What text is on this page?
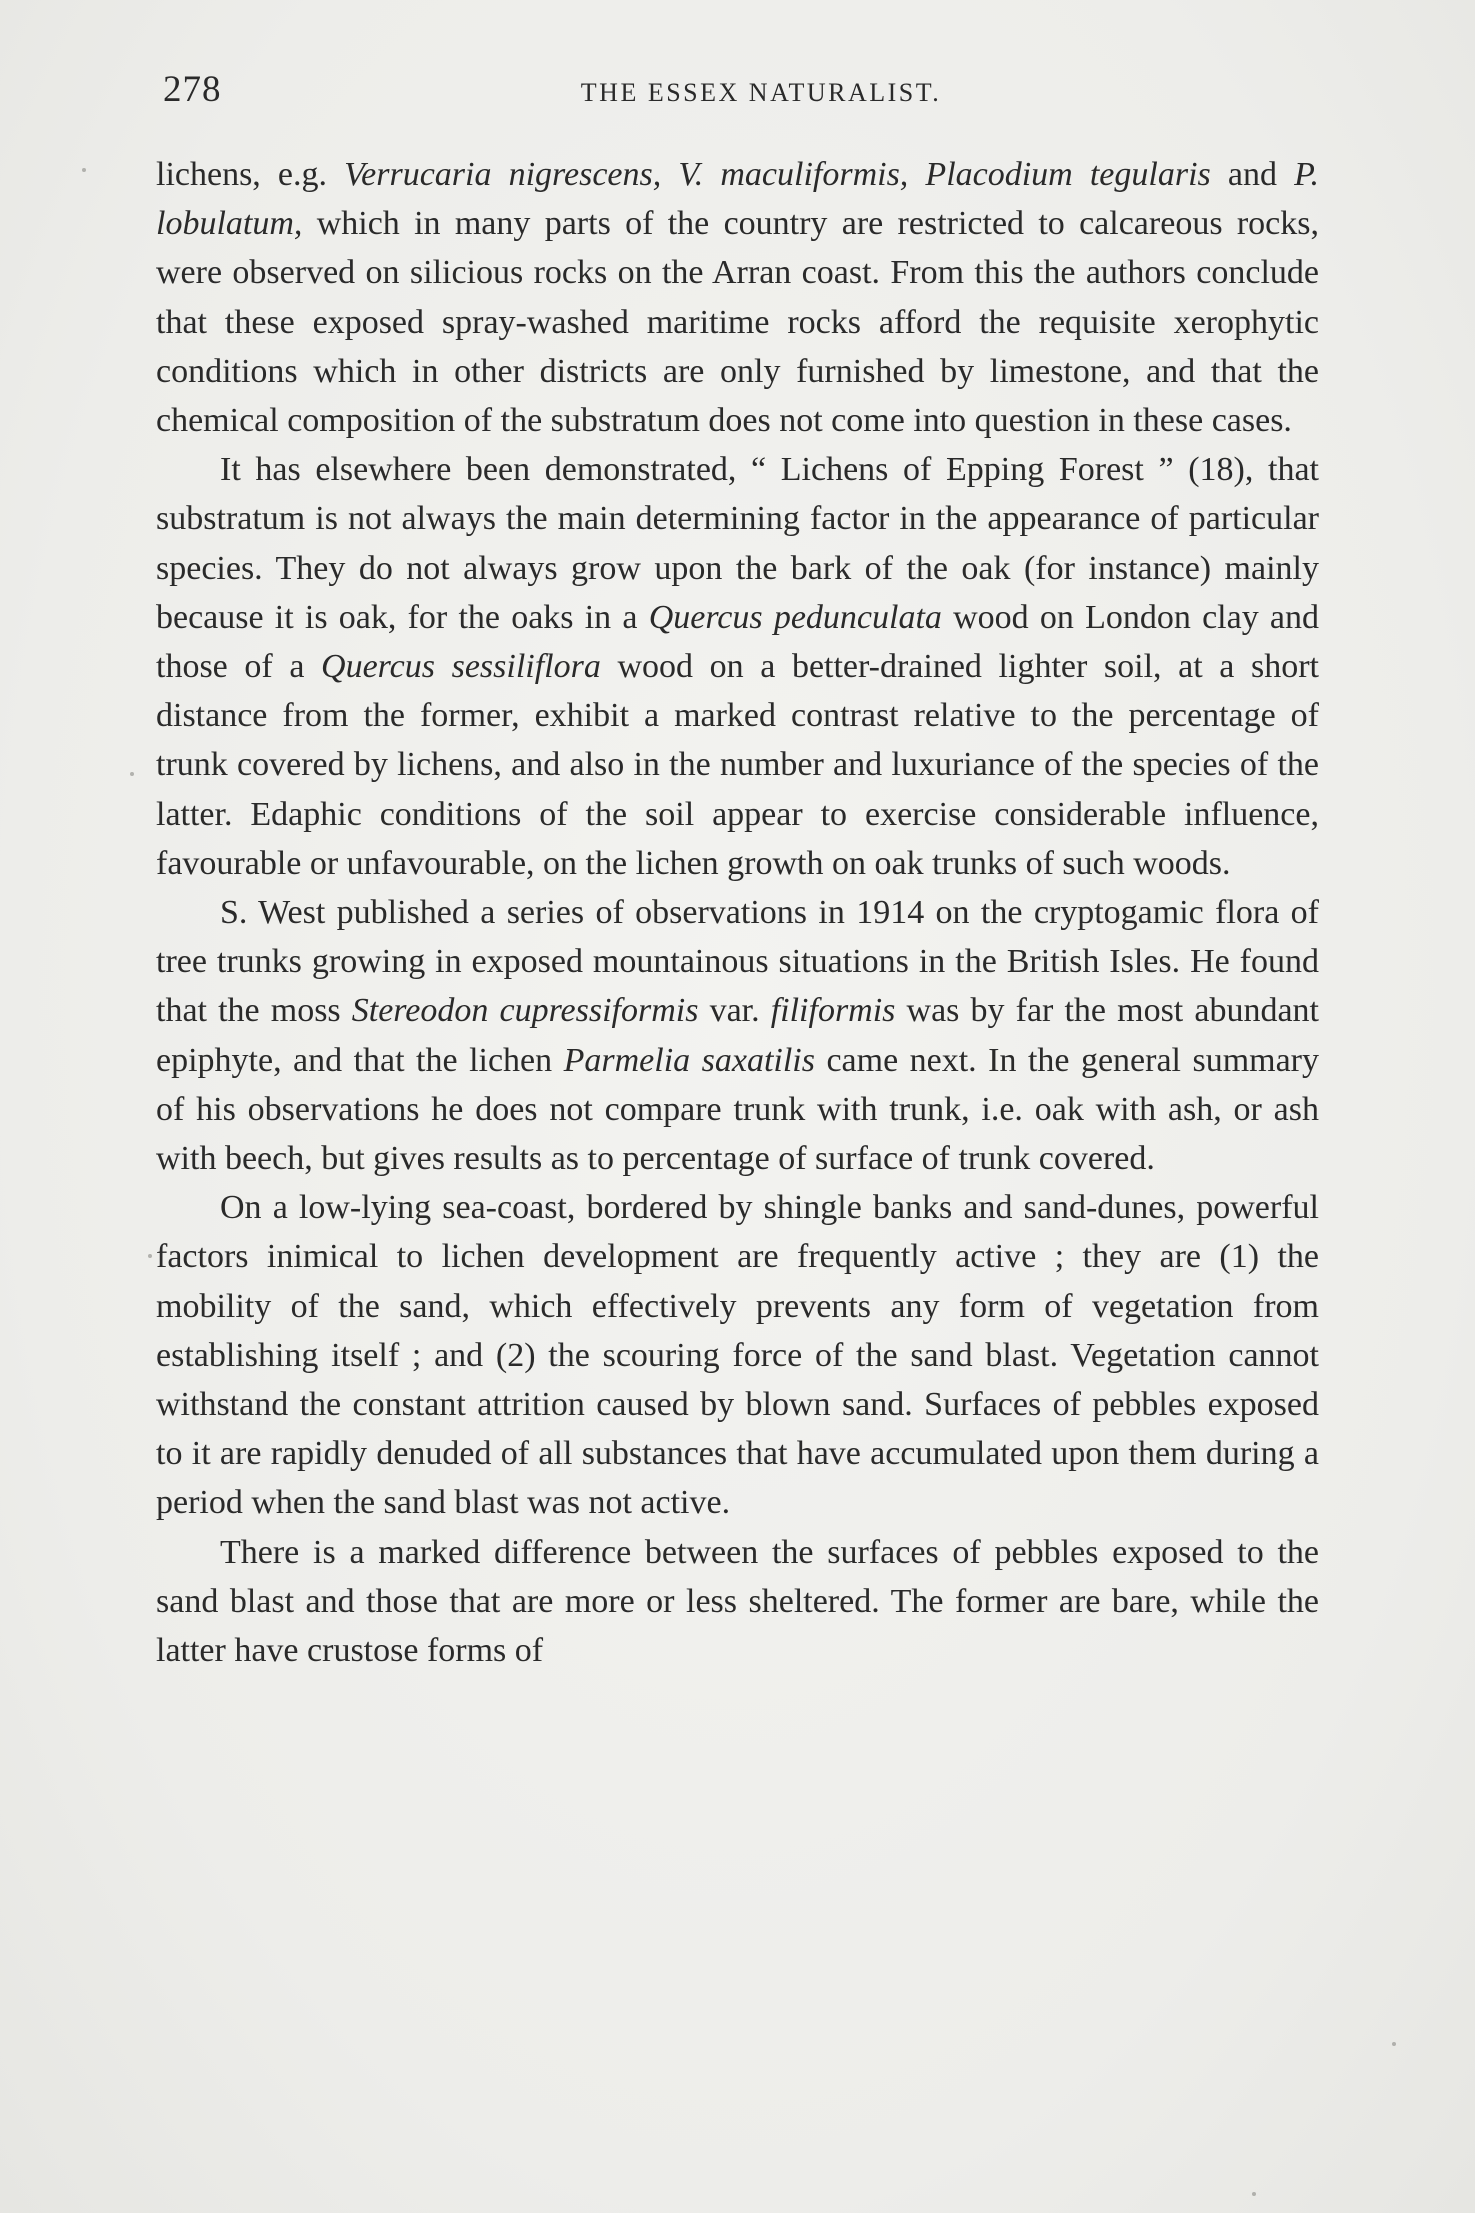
278	THE ESSEX NATURALIST.

lichens, e.g. Verrucaria nigrescens, V. maculiformis, Placodium tegularis and P. lobulatum, which in many parts of the country are restricted to calcareous rocks, were observed on silicious rocks on the Arran coast. From this the authors conclude that these exposed spray-washed maritime rocks afford the requisite xerophytic conditions which in other districts are only furnished by limestone, and that the chemical composition of the substratum does not come into question in these cases.

It has elsewhere been demonstrated, “ Lichens of Epping Forest ” (18), that substratum is not always the main determining factor in the appearance of particular species. They do not always grow upon the bark of the oak (for instance) mainly because it is oak, for the oaks in a Quercus pedunculata wood on London clay and those of a Quercus sessiliflora wood on a better-drained lighter soil, at a short distance from the former, exhibit a marked contrast relative to the percentage of trunk covered by lichens, and also in the number and luxuriance of the species of the latter. Edaphic conditions of the soil appear to exercise considerable influence, favourable or unfavourable, on the lichen growth on oak trunks of such woods.

S. West published a series of observations in 1914 on the cryptogamic flora of tree trunks growing in exposed mountainous situations in the British Isles. He found that the moss Stereodon cupressiformis var. filiformis was by far the most abundant epiphyte, and that the lichen Parmelia saxatilis came next. In the general summary of his observations he does not compare trunk with trunk, i.e. oak with ash, or ash with beech, but gives results as to percentage of surface of trunk covered.

On a low-lying sea-coast, bordered by shingle banks and sand-dunes, powerful factors inimical to lichen development are frequently active ; they are (1) the mobility of the sand, which effectively prevents any form of vegetation from establishing itself ; and (2) the scouring force of the sand blast. Vegetation cannot withstand the constant attrition caused by blown sand. Surfaces of pebbles exposed to it are rapidly denuded of all substances that have accumulated upon them during a period when the sand blast was not active.

There is a marked difference between the surfaces of pebbles exposed to the sand blast and those that are more or less sheltered. The former are bare, while the latter have crustose forms of
